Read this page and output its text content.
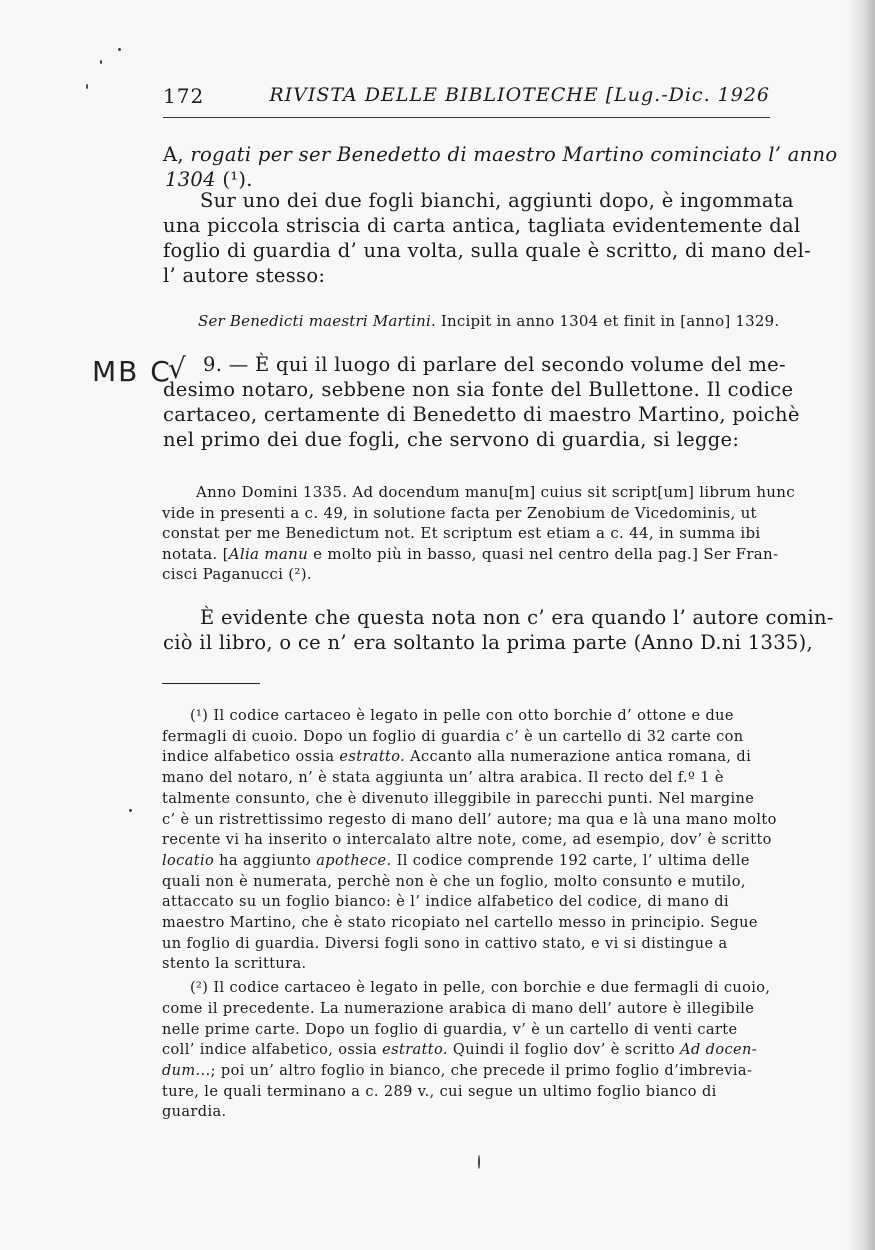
172	RIVISTA DELLE BIBLIOTECHE [Lug.-Dic. 1926
A, rogati per ser Benedetto di maestro Martino cominciato l’ anno
1304 (¹).
Sur uno dei due fogli bianchi, aggiunti dopo, è ingommata
una piccola striscia di carta antica, tagliata evidentemente dal
foglio di guardia d’ una volta, sulla quale è scritto, di mano del-
l’ autore stesso:
Ser Benedicti maestri Martini. Incipit in anno 1304 et finit in [anno] 1329.
MB C
√ 9. — È qui il luogo di parlare del secondo volume del me-
desimo notaro, sebbene non sia fonte del Bullettone. Il codice
cartaceo, certamente di Benedetto di maestro Martino, poichè
nel primo dei due fogli, che servono di guardia, si legge:
Anno Domini 1335. Ad docendum manu[m] cuius sit script[um] librum hunc
vide in presenti a c. 49, in solutione facta per Zenobium de Vicedominis, ut
constat per me Benedictum not. Et scriptum est etiam a c. 44, in summa ibi
notata. [Alia manu e molto più in basso, quasi nel centro della pag.] Ser Fran-
cisci Paganucci (²).
È evidente che questa nota non c’ era quando l’ autore comin-
ciò il libro, o ce n’ era soltanto la prima parte (Anno D.ni 1335),
(¹) Il codice cartaceo è legato in pelle con otto borchie d’ ottone e due
fermagli di cuoio. Dopo un foglio di guardia c’ è un cartello di 32 carte con
indice alfabetico ossia estratto. Accanto alla numerazione antica romana, di
mano del notaro, n’ è stata aggiunta un’ altra arabica. Il recto del f.º 1 è
talmente consunto, che è divenuto illeggibile in parecchi punti. Nel margine
c’ è un ristrettissimo regesto di mano dell’ autore; ma qua e là una mano molto
recente vi ha inserito o intercalato altre note, come, ad esempio, dov’ è scritto
locatio ha aggiunto apothece. Il codice comprende 192 carte, l’ ultima delle
quali non è numerata, perchè non è che un foglio, molto consunto e mutilo,
attaccato su un foglio bianco: è l’ indice alfabetico del codice, di mano di
maestro Martino, che è stato ricopiato nel cartello messo in principio. Segue
un foglio di guardia. Diversi fogli sono in cattivo stato, e vi si distingue a
stento la scrittura.
(²) Il codice cartaceo è legato in pelle, con borchie e due fermagli di cuoio,
come il precedente. La numerazione arabica di mano dell’ autore è illegibile
nelle prime carte. Dopo un foglio di guardia, v’ è un cartello di venti carte
coll’ indice alfabetico, ossia estratto. Quindi il foglio dov’ è scritto Ad docen-
dum...; poi un’ altro foglio in bianco, che precede il primo foglio d’imbrevia-
ture, le quali terminano a c. 289 v., cui segue un ultimo foglio bianco di
guardia.
